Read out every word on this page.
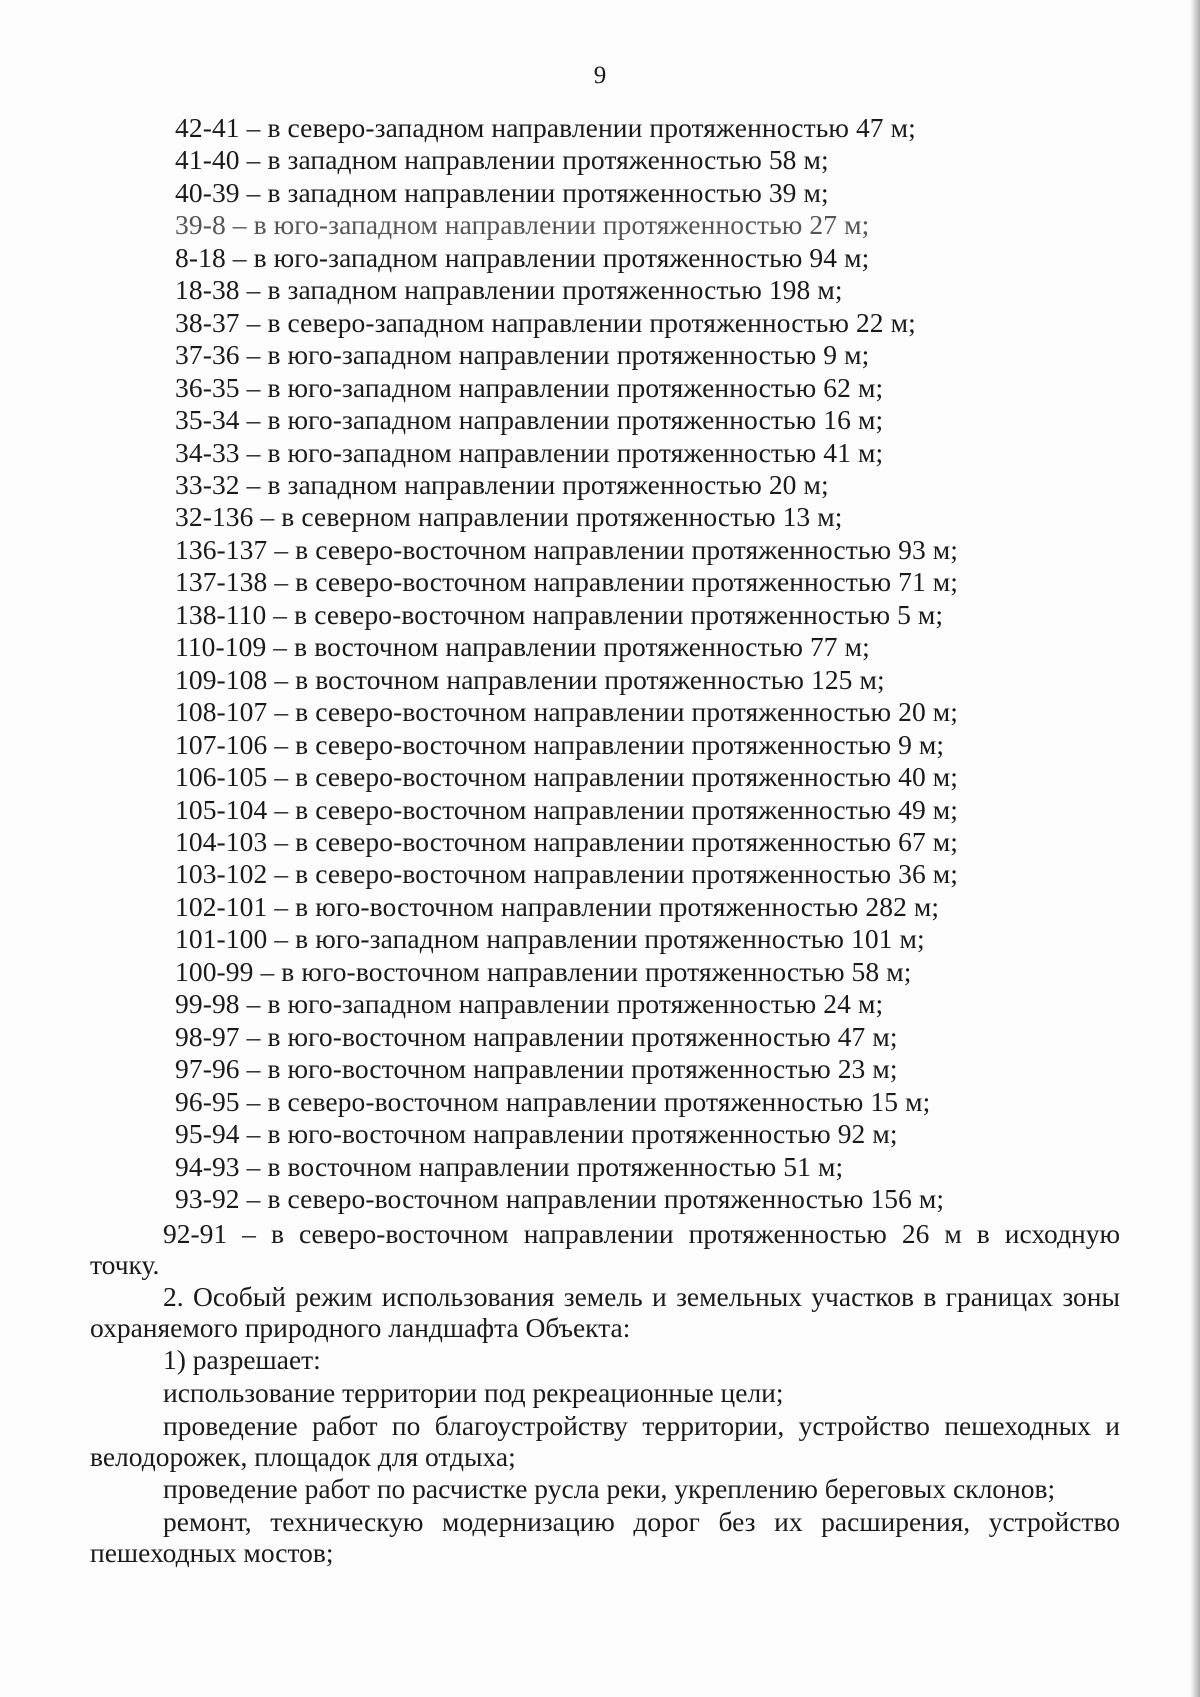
9
42-41 – в северо-западном направлении протяженностью 47 м;
41-40 – в западном направлении протяженностью 58 м;
40-39 – в западном направлении протяженностью 39 м;
39-8 – в юго-западном направлении протяженностью 27 м;
8-18 – в юго-западном направлении протяженностью 94 м;
18-38 – в западном направлении протяженностью 198 м;
38-37 – в северо-западном направлении протяженностью 22 м;
37-36 – в юго-западном направлении протяженностью 9 м;
36-35 – в юго-западном направлении протяженностью 62 м;
35-34 – в юго-западном направлении протяженностью 16 м;
34-33 – в юго-западном направлении протяженностью 41 м;
33-32 – в западном направлении протяженностью 20 м;
32-136 – в северном направлении протяженностью 13 м;
136-137 – в северо-восточном направлении протяженностью 93 м;
137-138 – в северо-восточном направлении протяженностью 71 м;
138-110 – в северо-восточном направлении протяженностью 5 м;
110-109 – в восточном направлении протяженностью 77 м;
109-108 – в восточном направлении протяженностью 125 м;
108-107 – в северо-восточном направлении протяженностью 20 м;
107-106 – в северо-восточном направлении протяженностью 9 м;
106-105 – в северо-восточном направлении протяженностью 40 м;
105-104 – в северо-восточном направлении протяженностью 49 м;
104-103 – в северо-восточном направлении протяженностью 67 м;
103-102 – в северо-восточном направлении протяженностью 36 м;
102-101 – в юго-восточном направлении протяженностью 282 м;
101-100 – в юго-западном направлении протяженностью 101 м;
100-99 – в юго-восточном направлении протяженностью 58 м;
99-98 – в юго-западном направлении протяженностью 24 м;
98-97 – в юго-восточном направлении протяженностью 47 м;
97-96 – в юго-восточном направлении протяженностью 23 м;
96-95 – в северо-восточном направлении протяженностью 15 м;
95-94 – в юго-восточном направлении протяженностью 92 м;
94-93 – в восточном направлении протяженностью 51 м;
93-92 – в северо-восточном направлении протяженностью 156 м;
92-91 – в северо-восточном направлении протяженностью 26 м в исходную точку.
2. Особый режим использования земель и земельных участков в границах зоны охраняемого природного ландшафта Объекта:
1) разрешает:
использование территории под рекреационные цели;
проведение работ по благоустройству территории, устройство пешеходных и велодорожек, площадок для отдыха;
проведение работ по расчистке русла реки, укреплению береговых склонов;
ремонт, техническую модернизацию дорог без их расширения, устройство пешеходных мостов;
